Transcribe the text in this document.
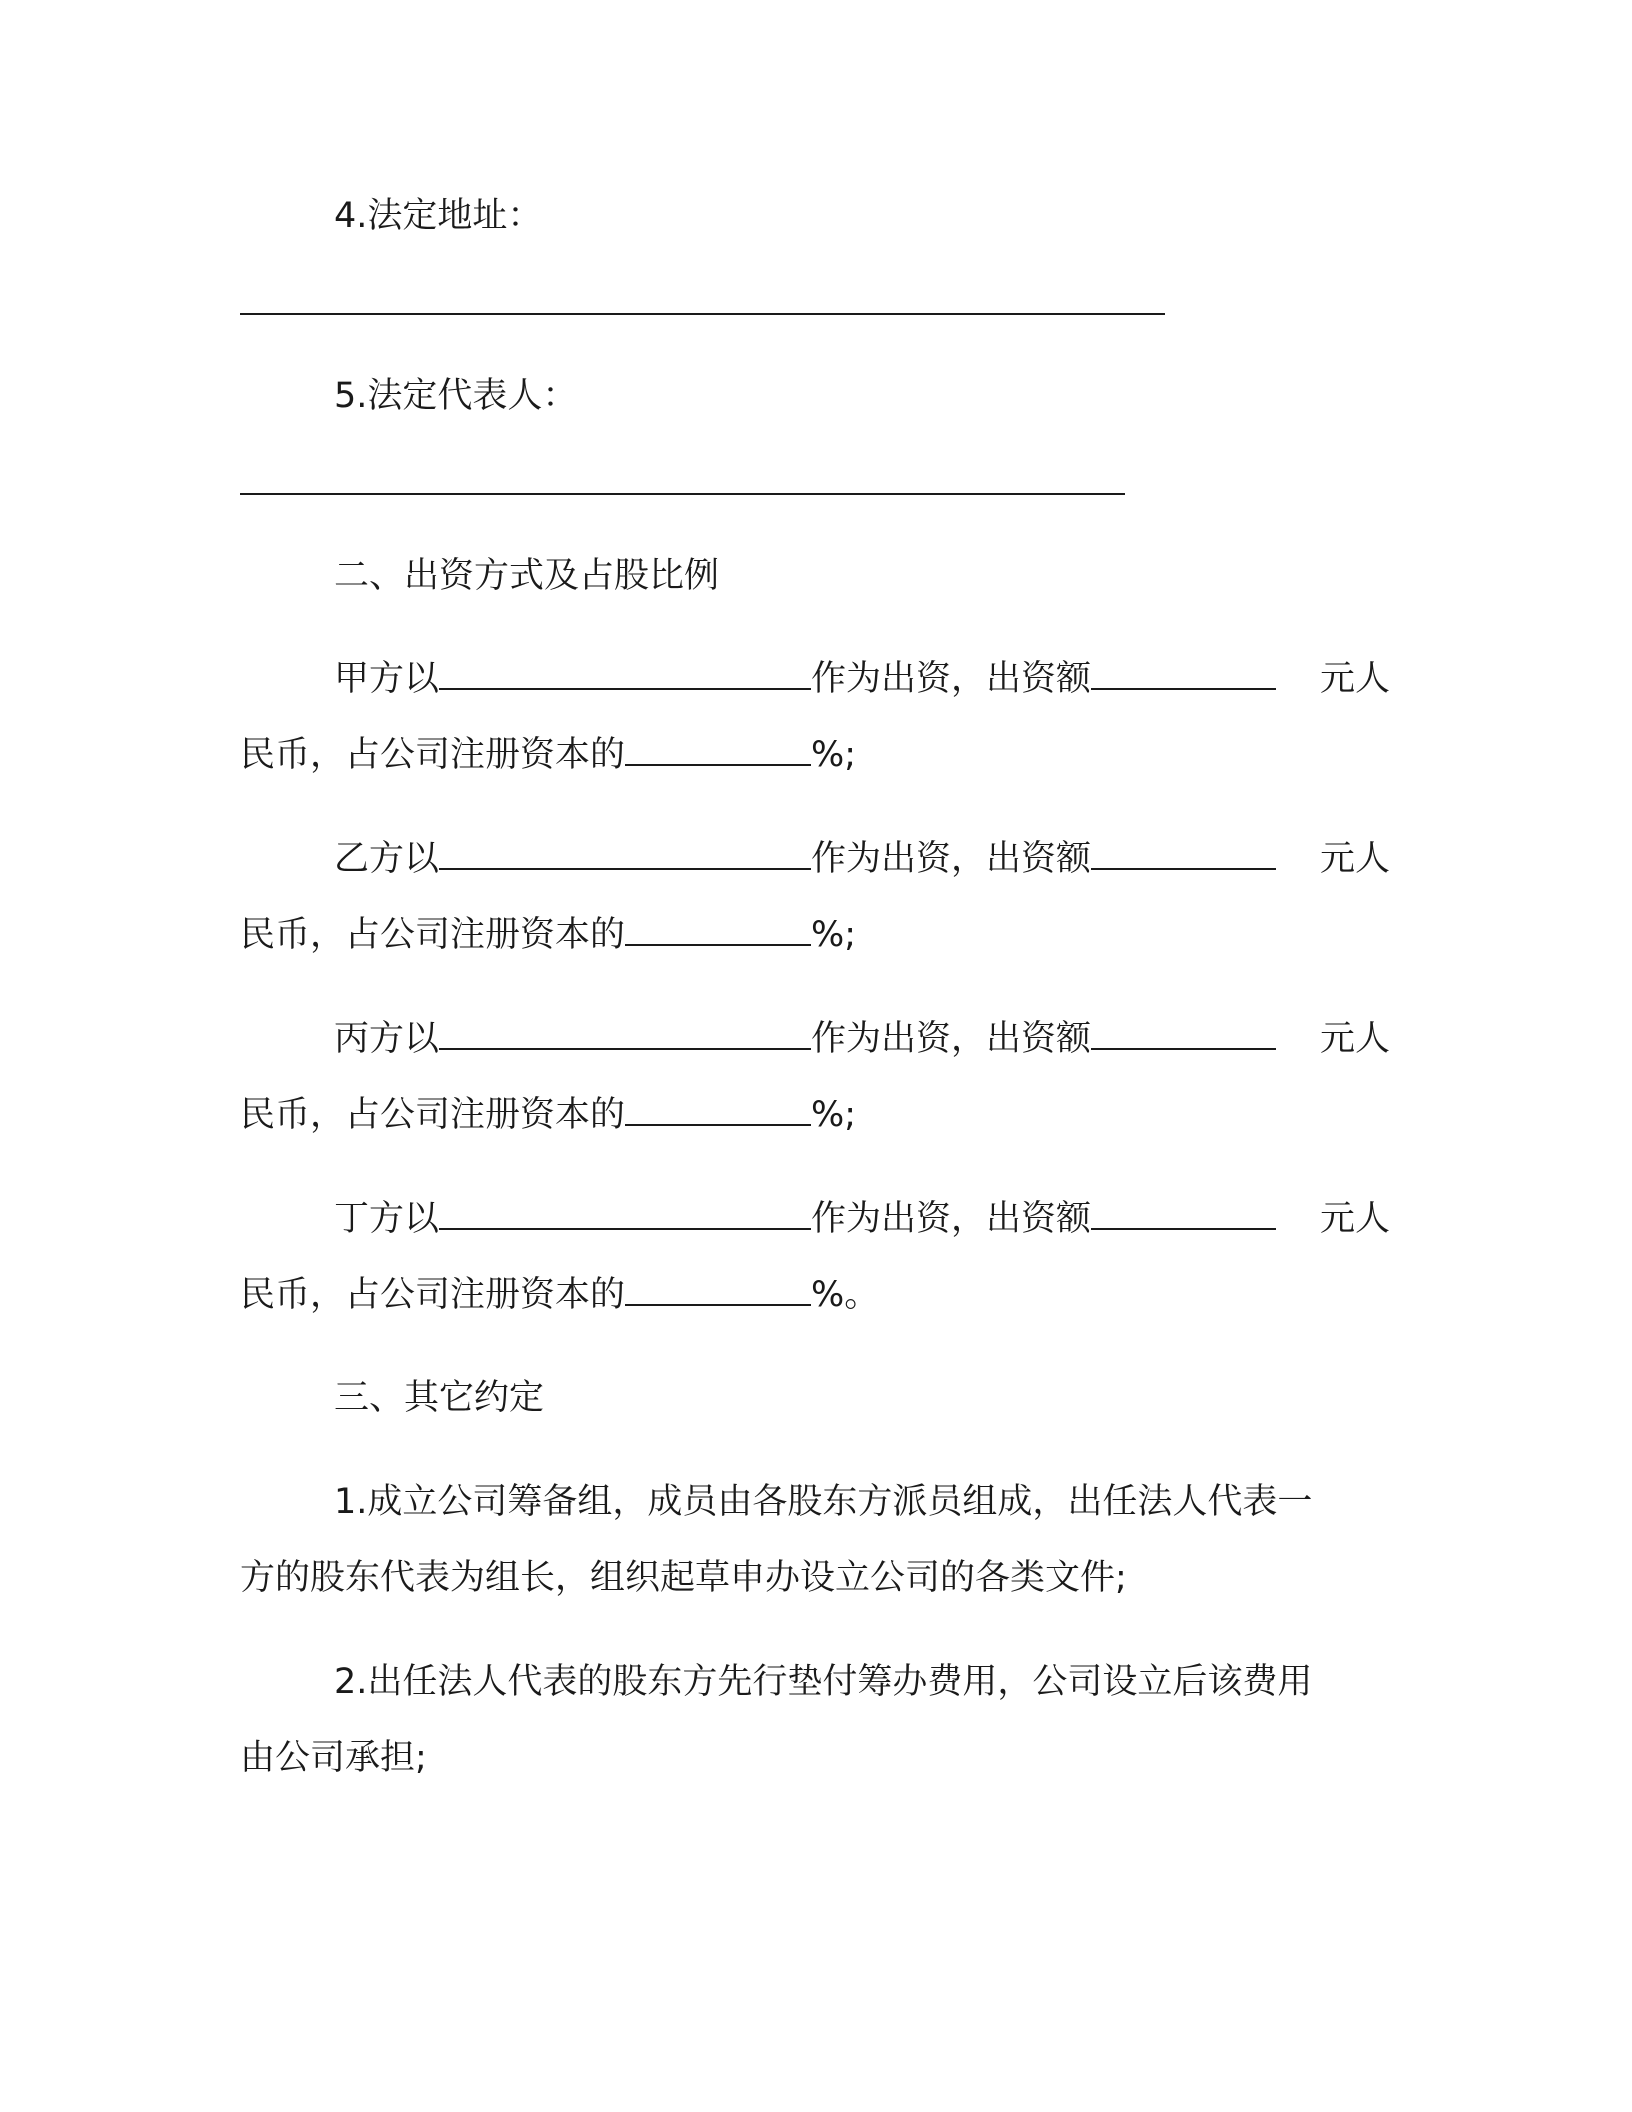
4.法定地址：
5.法定代表人：
二、出资方式及占股比例
甲方以	作为出资，出资额	元人
民币，占公司注册资本的	%;
乙方以	作为出资，出资额	元人
民币，占公司注册资本的	%;
丙方以	作为出资，出资额	元人
民币，占公司注册资本的	%;
丁方以	作为出资，出资额	元人
民币，占公司注册资本的	%。
三、其它约定
1.成立公司筹备组，成员由各股东方派员组成，出任法人代表一
方的股东代表为组长，组织起草申办设立公司的各类文件;
2.出任法人代表的股东方先行垫付筹办费用，公司设立后该费用
由公司承担;
